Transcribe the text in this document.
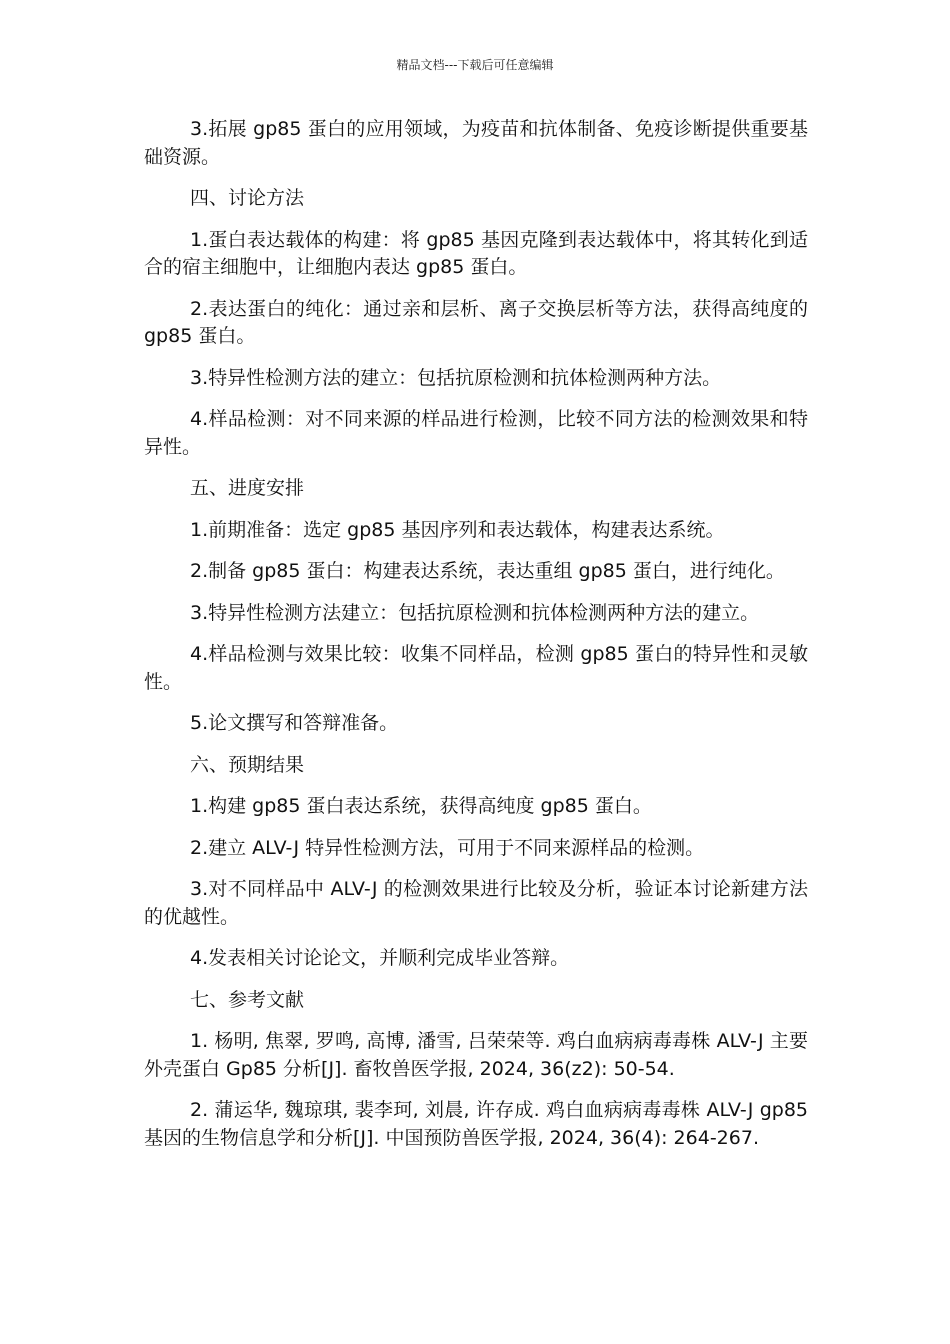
精品文档---下载后可任意编辑

3.拓展 gp85 蛋白的应用领域，为疫苗和抗体制备、免疫诊断提供重要基础资源。

四、讨论方法

1.蛋白表达载体的构建：将 gp85 基因克隆到表达载体中，将其转化到适合的宿主细胞中，让细胞内表达 gp85 蛋白。

2.表达蛋白的纯化：通过亲和层析、离子交换层析等方法，获得高纯度的 gp85 蛋白。

3.特异性检测方法的建立：包括抗原检测和抗体检测两种方法。

4.样品检测：对不同来源的样品进行检测，比较不同方法的检测效果和特异性。

五、进度安排

1.前期准备：选定 gp85 基因序列和表达载体，构建表达系统。

2.制备 gp85 蛋白：构建表达系统，表达重组 gp85 蛋白，进行纯化。

3.特异性检测方法建立：包括抗原检测和抗体检测两种方法的建立。

4.样品检测与效果比较：收集不同样品，检测 gp85 蛋白的特异性和灵敏性。

5.论文撰写和答辩准备。

六、预期结果

1.构建 gp85 蛋白表达系统，获得高纯度 gp85 蛋白。

2.建立 ALV-J 特异性检测方法，可用于不同来源样品的检测。

3.对不同样品中 ALV-J 的检测效果进行比较及分析，验证本讨论新建方法的优越性。

4.发表相关讨论论文，并顺利完成毕业答辩。

七、参考文献

1. 杨明, 焦翠, 罗鸣, 高博, 潘雪, 吕荣荣等. 鸡白血病病毒毒株 ALV-J 主要外壳蛋白 Gp85 分析[J]. 畜牧兽医学报, 2024, 36(z2): 50-54.

2. 蒲运华, 魏琼琪, 裴李珂, 刘晨, 许存成. 鸡白血病病毒毒株 ALV-J gp85 基因的生物信息学和分析[J]. 中国预防兽医学报, 2024, 36(4): 264-267.
